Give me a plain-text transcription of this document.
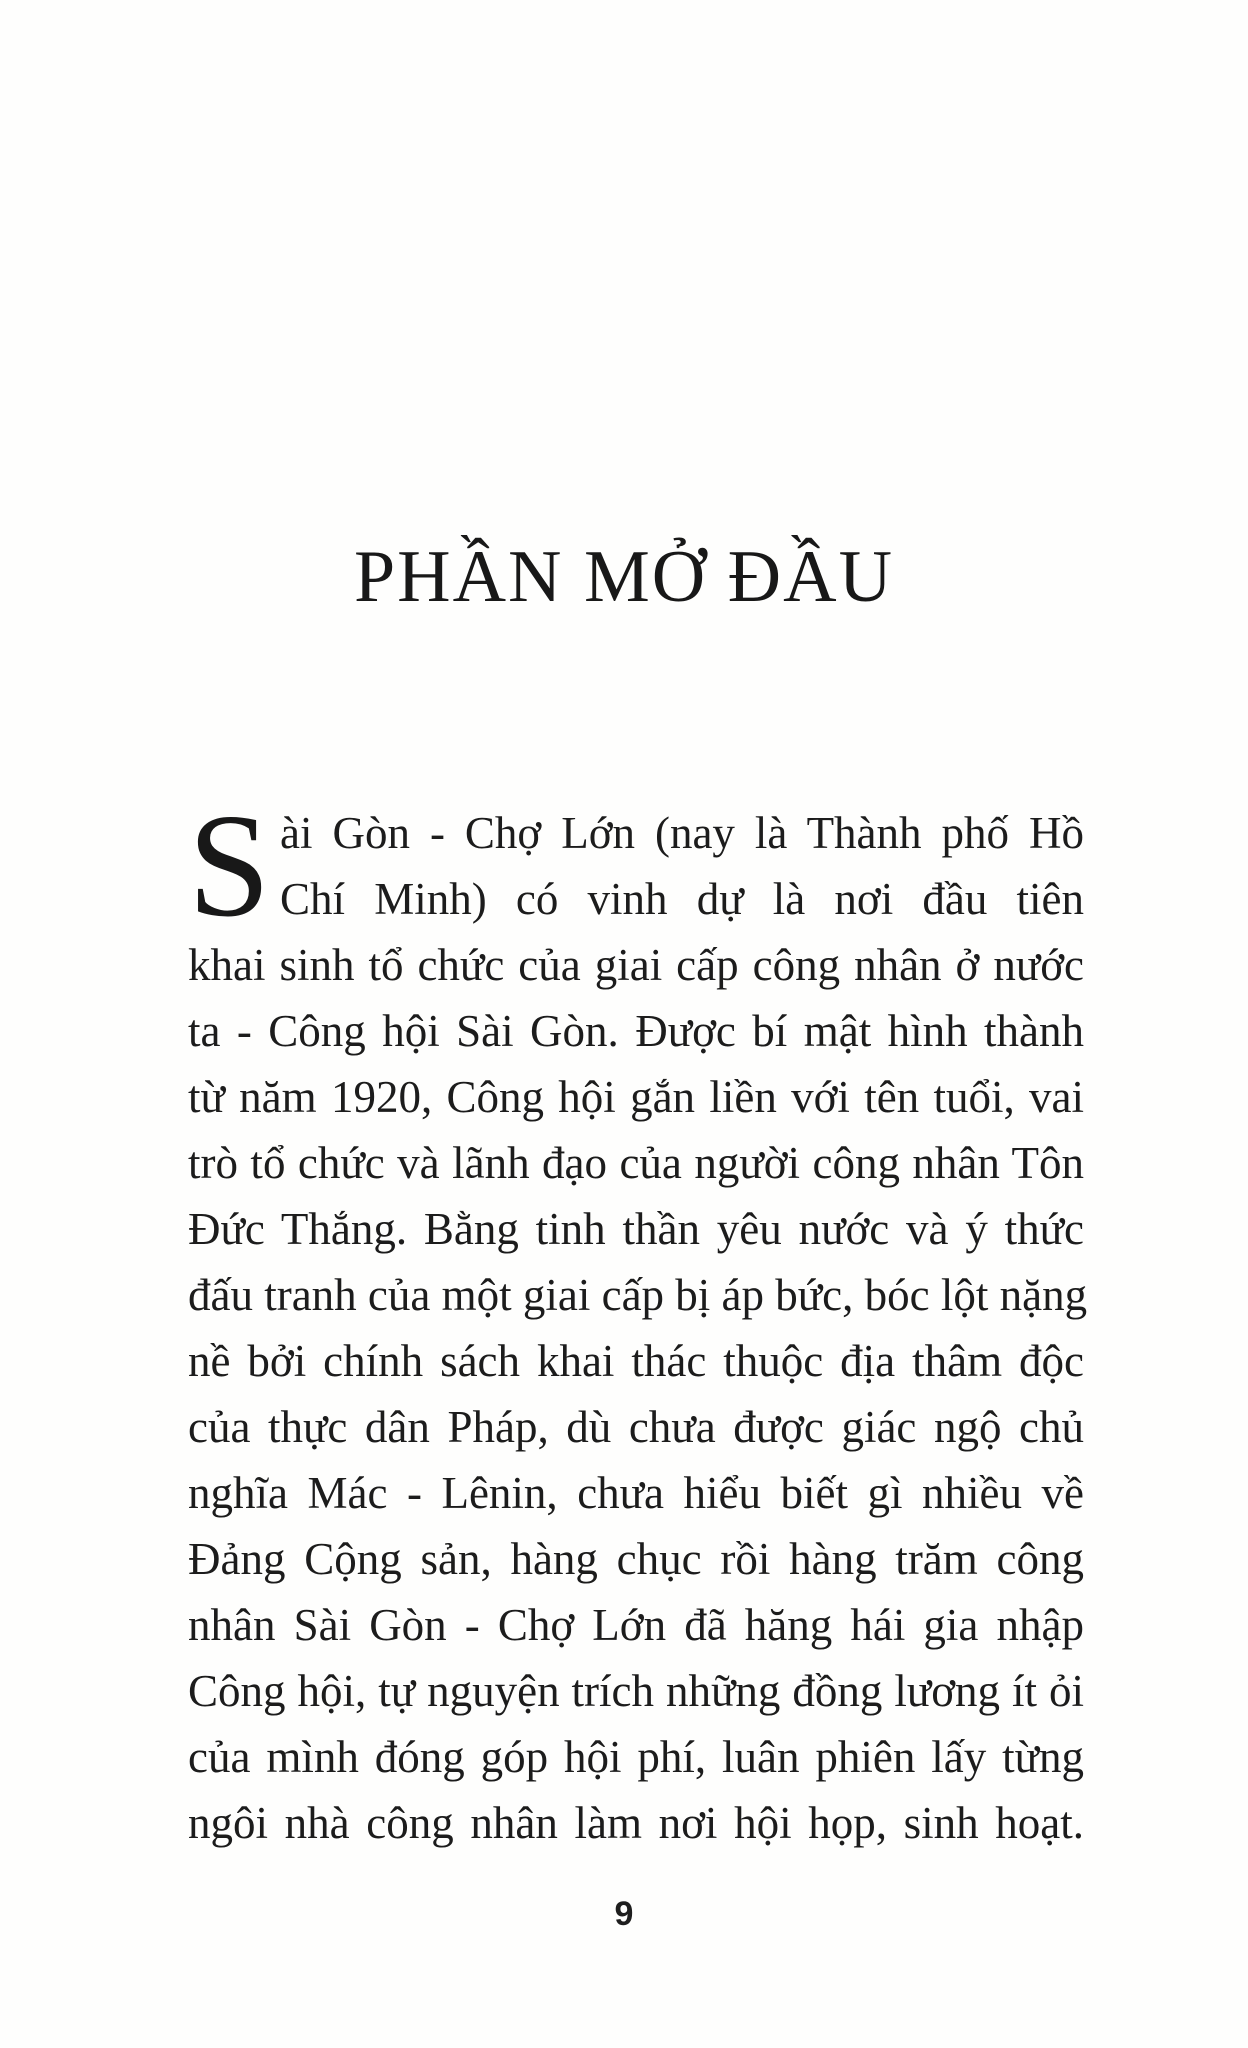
PHẦN MỞ ĐẦU
S ài Gòn - Chợ Lớn (nay là Thành phố Hồ
Chí Minh) có vinh dự là nơi đầu tiên
khai sinh tổ chức của giai cấp công nhân ở nước
ta - Công hội Sài Gòn. Được bí mật hình thành
từ năm 1920, Công hội gắn liền với tên tuổi, vai
trò tổ chức và lãnh đạo của người công nhân Tôn
Đức Thắng. Bằng tinh thần yêu nước và ý thức
đấu tranh của một giai cấp bị áp bức, bóc lột nặng
nề bởi chính sách khai thác thuộc địa thâm độc
của thực dân Pháp, dù chưa được giác ngộ chủ
nghĩa Mác - Lênin, chưa hiểu biết gì nhiều về
Đảng Cộng sản, hàng chục rồi hàng trăm công
nhân Sài Gòn - Chợ Lớn đã hăng hái gia nhập
Công hội, tự nguyện trích những đồng lương ít ỏi
của mình đóng góp hội phí, luân phiên lấy từng
ngôi nhà công nhân làm nơi hội họp, sinh hoạt.
9
